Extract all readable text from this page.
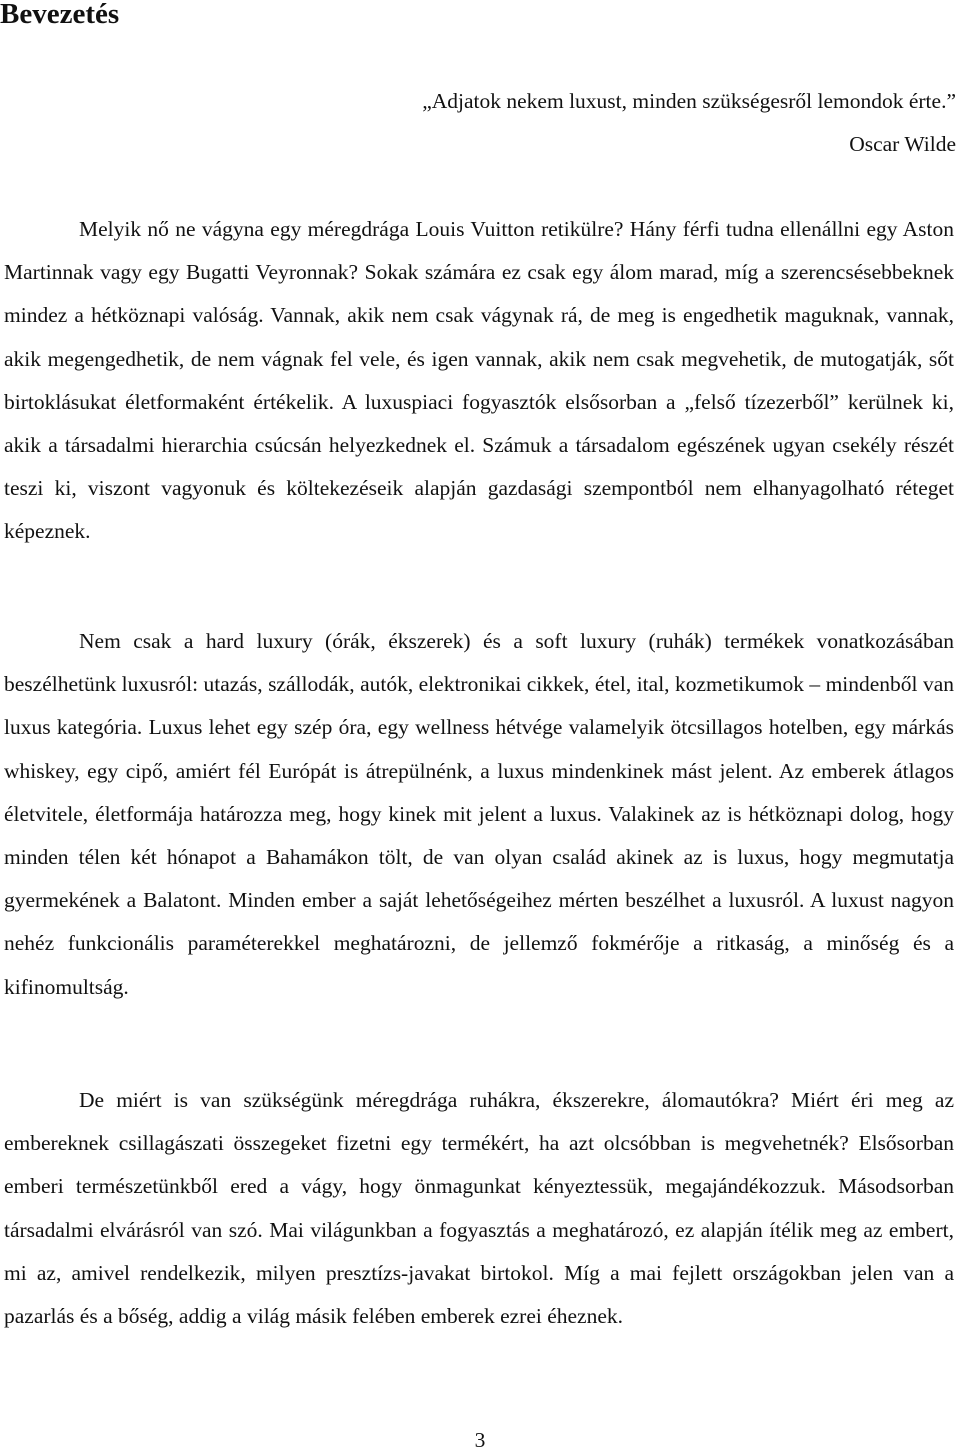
Bevezetés
„Adjatok nekem luxust, minden szükségesről lemondok érte.”
Oscar Wilde

Melyik nő ne vágyna egy méregdrága Louis Vuitton retikülre? Hány férfi tudna ellenállni egy Aston Martinnak vagy egy Bugatti Veyronnak? Sokak számára ez csak egy álom marad, míg a szerencsésebbeknek mindez a hétköznapi valóság. Vannak, akik nem csak vágynak rá, de meg is engedhetik maguknak, vannak, akik megengedhetik, de nem vágnak fel vele, és igen vannak, akik nem csak megvehetik, de mutogatják, sőt birtoklásukat életformaként értékelik. A luxuspiaci fogyasztók elsősorban a „felső tízezerből” kerülnek ki, akik a társadalmi hierarchia csúcsán helyezkednek el. Számuk a társadalom egészének ugyan csekély részét teszi ki, viszont vagyonuk és költekezéseik alapján gazdasági szempontból nem elhanyagolható réteget képeznek.

Nem csak a hard luxury (órák, ékszerek) és a soft luxury (ruhák) termékek vonatkozásában beszélhetünk luxusról: utazás, szállodák, autók, elektronikai cikkek, étel, ital, kozmetikumok – mindenből van luxus kategória. Luxus lehet egy szép óra, egy wellness hétvége valamelyik ötcsillagos hotelben, egy márkás whiskey, egy cipő, amiért fél Európát is átrepülnénk, a luxus mindenkinek mást jelent. Az emberek átlagos életvitele, életformája határozza meg, hogy kinek mit jelent a luxus. Valakinek az is hétköznapi dolog, hogy minden télen két hónapot a Bahamákon tölt, de van olyan család akinek az is luxus, hogy megmutatja gyermekének a Balatont. Minden ember a saját lehetőségeihez mérten beszélhet a luxusról. A luxust nagyon nehéz funkcionális paraméterekkel meghatározni, de jellemző fokmérője a ritkaság, a minőség és a kifinomultság.

De miért is van szükségünk méregdrága ruhákra, ékszerekre, álomautókra? Miért éri meg az embereknek csillagászati összegeket fizetni egy termékért, ha azt olcsóbban is megvehetnék? Elsősorban emberi természetünkből ered a vágy, hogy önmagunkat kényeztessük, megajándékozzuk. Másodsorban társadalmi elvárásról van szó. Mai világunkban a fogyasztás a meghatározó, ez alapján ítélik meg az embert, mi az, amivel rendelkezik, milyen presztízs-javakat birtokol. Míg a mai fejlett országokban jelen van a pazarlás és a bőség, addig a világ másik felében emberek ezrei éheznek.

3
